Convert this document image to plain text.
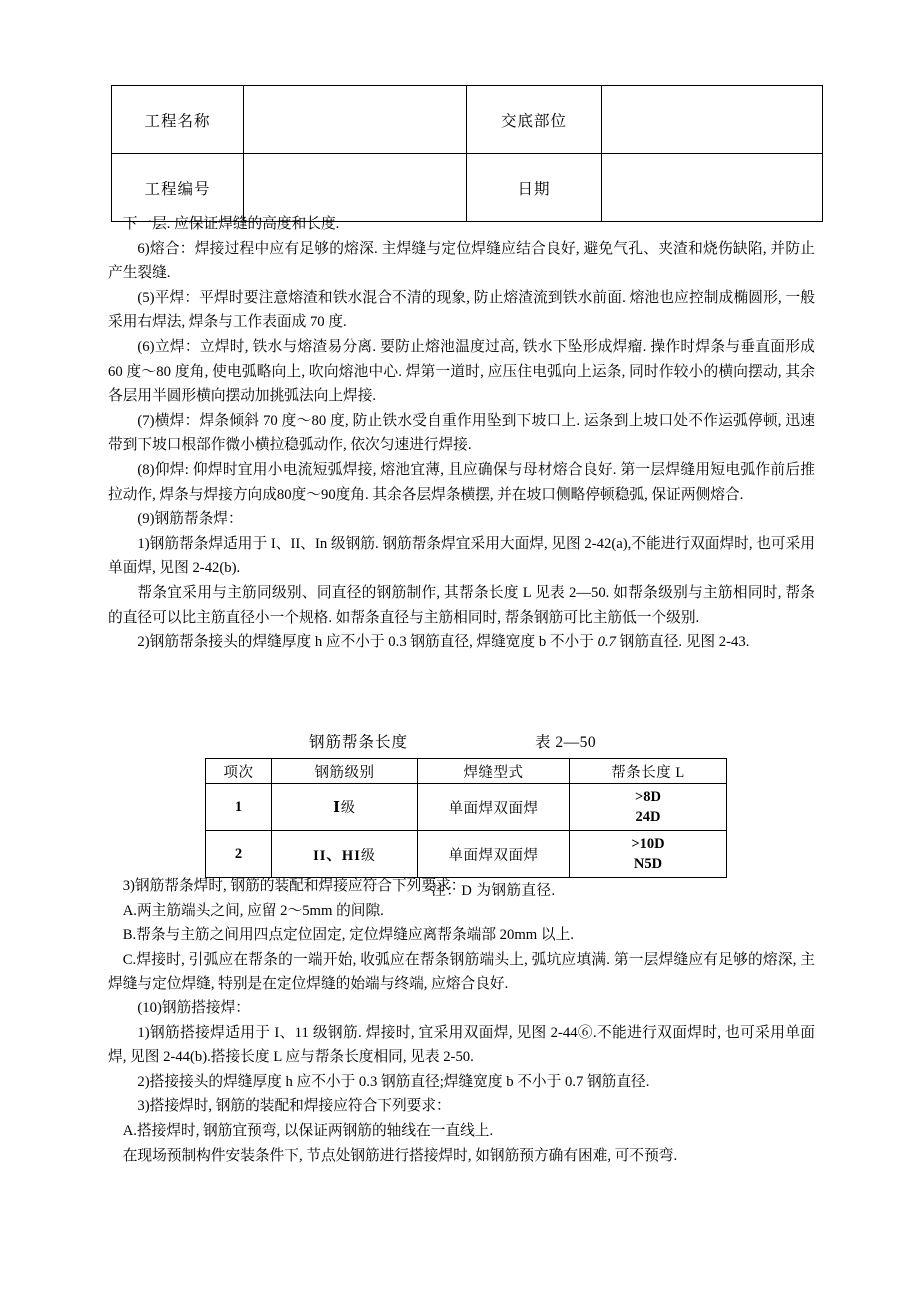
工程名称		交底部位	
工程编号		日期	

下一层. 应保证焊缝的高度和长度.

6)熔合：焊接过程中应有足够的熔深. 主焊缝与定位焊缝应结合良好, 避免气孔、夹渣和烧伤缺陷, 并防止产生裂缝.

(5)平焊：平焊时要注意熔渣和铁水混合不清的现象, 防止熔渣流到铁水前面. 熔池也应控制成椭圆形, 一般采用右焊法, 焊条与工作表面成 70 度.

(6)立焊：立焊时, 铁水与熔渣易分离. 要防止熔池温度过高, 铁水下坠形成焊瘤. 操作时焊条与垂直面形成 60 度～80 度角, 使电弧略向上, 吹向熔池中心. 焊第一道时, 应压住电弧向上运条, 同时作较小的横向摆动, 其余各层用半圆形横向摆动加挑弧法向上焊接.

(7)横焊：焊条倾斜 70 度～80 度, 防止铁水受自重作用坠到下坡口上. 运条到上坡口处不作运弧停顿, 迅速带到下坡口根部作微小横拉稳弧动作, 依次匀速进行焊接.

(8)仰焊: 仰焊时宜用小电流短弧焊接, 熔池宜薄, 且应确保与母材熔合良好. 第一层焊缝用短电弧作前后推拉动作, 焊条与焊接方向成80度～90度角. 其余各层焊条横摆, 并在坡口侧略停顿稳弧, 保证两侧熔合.

(9)钢筋帮条焊：

1)钢筋帮条焊适用于 I、II、In 级钢筋. 钢筋帮条焊宜采用大面焊, 见图 2-42(a),不能进行双面焊时, 也可采用单面焊, 见图 2-42(b).

帮条宜采用与主筋同级别、同直径的钢筋制作, 其帮条长度 L 见表 2—50. 如帮条级别与主筋相同时, 帮条的直径可以比主筋直径小一个规格. 如帮条直径与主筋相同时, 帮条钢筋可比主筋低一个级别.

2)钢筋帮条接头的焊缝厚度 h 应不小于 0.3 钢筋直径, 焊缝宽度 b 不小于 0.7 钢筋直径. 见图 2-43.

钢筋帮条长度	表 2—50
项次	钢筋级别	焊缝型式	帮条长度 L
1	Ⅰ级	单面焊双面焊	>8D
24D

2	II、HI级	单面焊双面焊	>10D
N5D
注：D 为钢筋直径.

3)钢筋帮条焊时, 钢筋的装配和焊接应符合下列要求：

A.两主筋端头之间, 应留 2～5mm 的间隙.

B.帮条与主筋之间用四点定位固定, 定位焊缝应离帮条端部 20mm 以上.

C.焊接时, 引弧应在帮条的一端开始, 收弧应在帮条钢筋端头上, 弧坑应填满. 第一层焊缝应有足够的熔深, 主焊缝与定位焊缝, 特别是在定位焊缝的始端与终端, 应熔合良好.

(10)钢筋搭接焊：

1)钢筋搭接焊适用于 I、11 级钢筋. 焊接时, 宜采用双面焊, 见图 2-44⑥.不能进行双面焊时, 也可采用单面焊, 见图 2-44(b).搭接长度 L 应与帮条长度相同, 见表 2-50.

2)搭接接头的焊缝厚度 h 应不小于 0.3 钢筋直径;焊缝宽度 b 不小于 0.7 钢筋直径.

3)搭接焊时, 钢筋的装配和焊接应符合下列要求：

A.搭接焊时, 钢筋宜预弯, 以保证两钢筋的轴线在一直线上.

在现场预制构件安装条件下, 节点处钢筋进行搭接焊时, 如钢筋预方确有困难, 可不预弯.
